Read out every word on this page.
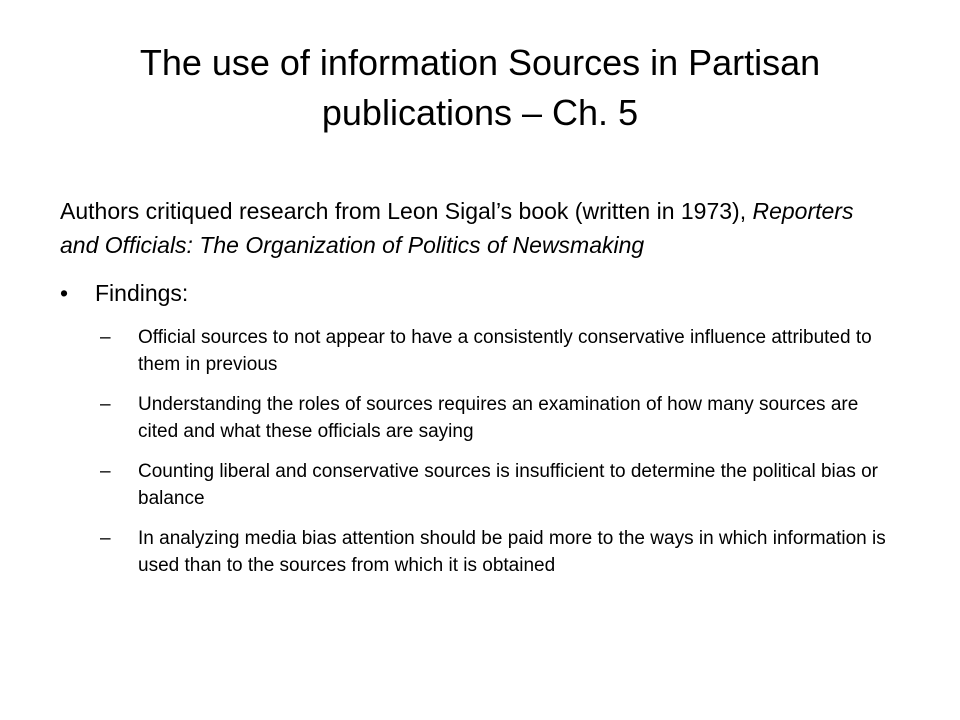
The use of information Sources in Partisan
publications – Ch. 5

Authors critiqued research from Leon Sigal’s book (written in 1973), Reporters and Officials: The Organization of Politics of Newsmaking

• Findings:
– Official sources to not appear to have a consistently conservative influence attributed to them in previous
– Understanding the roles of sources requires an examination of how many sources are cited and what these officials are saying
– Counting liberal and conservative sources is insufficient to determine the political bias or balance
– In analyzing media bias attention should be paid more to the ways in which information is used than to the sources from which it is obtained
